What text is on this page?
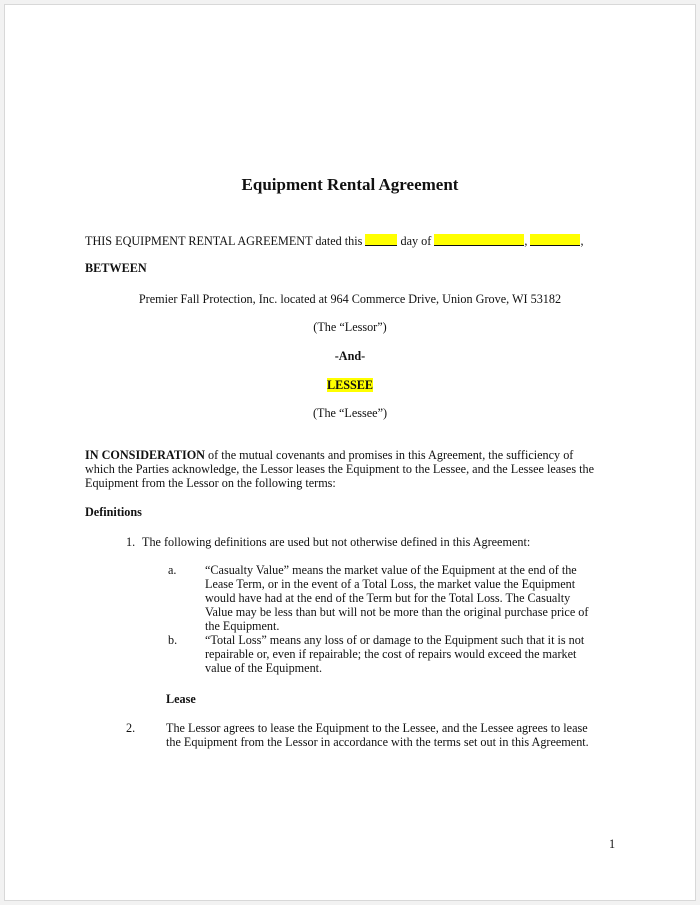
Equipment Rental Agreement
THIS EQUIPMENT RENTAL AGREEMENT dated this	day of	,	,
BETWEEN
Premier Fall Protection, Inc. located at 964 Commerce Drive, Union Grove, WI 53182
(The “Lessor”)
-And-
LESSEE
(The “Lessee”)
IN CONSIDERATION of the mutual covenants and promises in this Agreement, the sufficiency of
which the Parties acknowledge, the Lessor leases the Equipment to the Lessee, and the Lessee leases the
Equipment from the Lessor on the following terms:
Definitions
1. The following definitions are used but not otherwise defined in this Agreement:
a. “Casualty Value” means the market value of the Equipment at the end of the
Lease Term, or in the event of a Total Loss, the market value the Equipment
would have had at the end of the Term but for the Total Loss. The Casualty
Value may be less than but will not be more than the original purchase price of
the Equipment.
b. “Total Loss” means any loss of or damage to the Equipment such that it is not
repairable or, even if repairable; the cost of repairs would exceed the market
value of the Equipment.
Lease
2.	The Lessor agrees to lease the Equipment to the Lessee, and the Lessee agrees to lease
the Equipment from the Lessor in accordance with the terms set out in this Agreement.
1
